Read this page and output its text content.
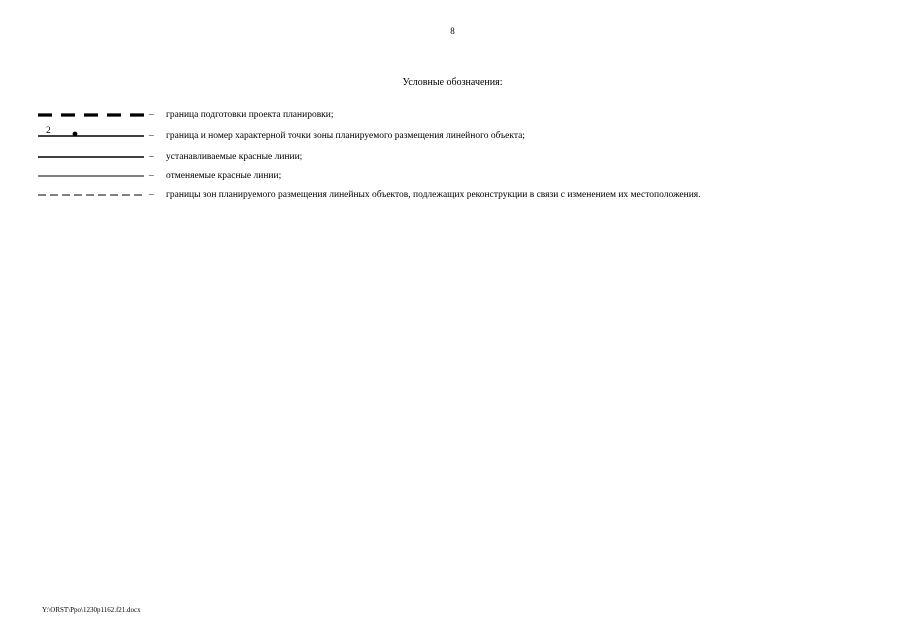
8
Условные обозначения:
– граница подготовки проекта планировки;
2	– граница и номер характерной точки зоны планируемого размещения линейного объекта;
– устанавливаемые красные линии;
– отменяемые красные линии;
– границы зон планируемого размещения линейных объектов, подлежащих реконструкции в связи с изменением их местоположения.
Y:\ORST\Ppo\1230p1162.f21.docx
